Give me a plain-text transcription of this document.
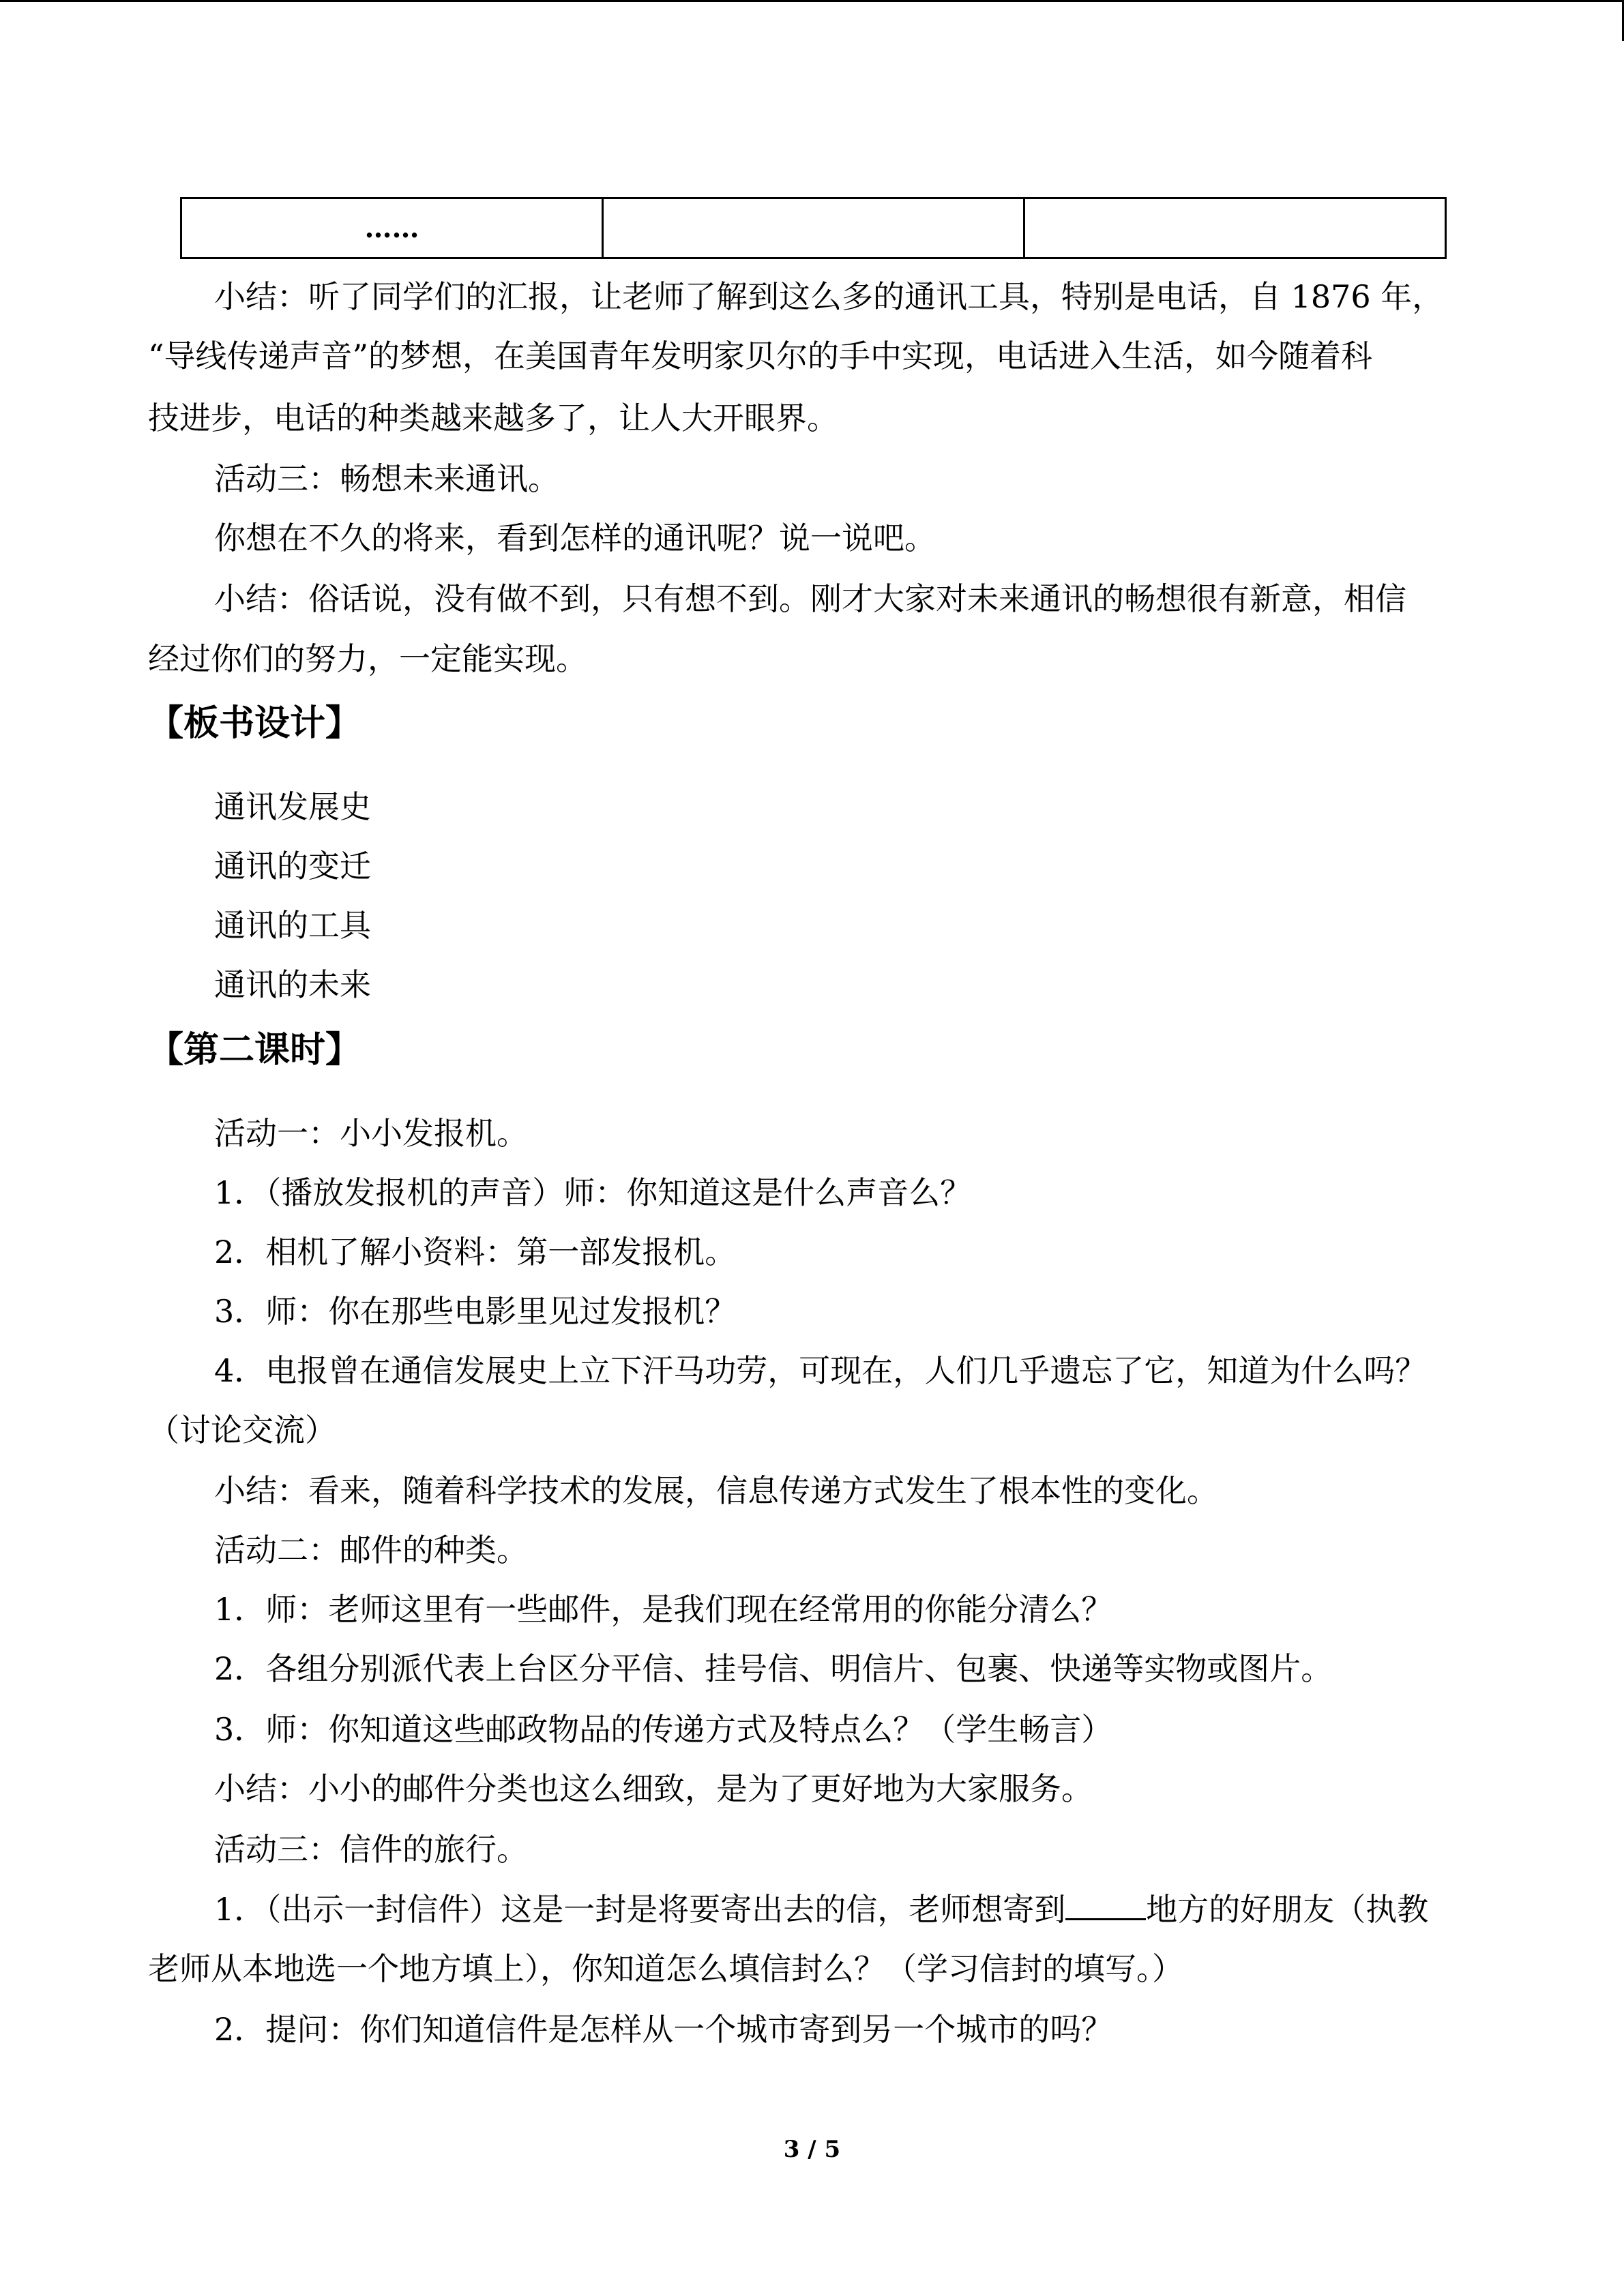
……		
小结：听了同学们的汇报，让老师了解到这么多的通讯工具，特别是电话，自 1876 年，
“导线传递声音”的梦想，在美国青年发明家贝尔的手中实现，电话进入生活，如今随着科
技进步，电话的种类越来越多了，让人大开眼界。
活动三：畅想未来通讯。
你想在不久的将来，看到怎样的通讯呢？说一说吧。
小结：俗话说，没有做不到，只有想不到。刚才大家对未来通讯的畅想很有新意，相信
经过你们的努力，一定能实现。
【板书设计】
通讯发展史
通讯的变迁
通讯的工具
通讯的未来
【第二课时】
活动一：小小发报机。
1．（播放发报机的声音）师：你知道这是什么声音么？
2．相机了解小资料：第一部发报机。
3．师：你在那些电影里见过发报机？
4．电报曾在通信发展史上立下汗马功劳，可现在，人们几乎遗忘了它，知道为什么吗？
（讨论交流）
小结：看来，随着科学技术的发展，信息传递方式发生了根本性的变化。
活动二：邮件的种类。
1．师：老师这里有一些邮件，是我们现在经常用的你能分清么？
2．各组分别派代表上台区分平信、挂号信、明信片、包裹、快递等实物或图片。
3．师：你知道这些邮政物品的传递方式及特点么？（学生畅言）
小结：小小的邮件分类也这么细致，是为了更好地为大家服务。
活动三：信件的旅行。
1．（出示一封信件）这是一封是将要寄出去的信，老师想寄到	地方的好朋友（执教
老师从本地选一个地方填上），你知道怎么填信封么？（学习信封的填写。）
2．提问：你们知道信件是怎样从一个城市寄到另一个城市的吗？
3 / 5
